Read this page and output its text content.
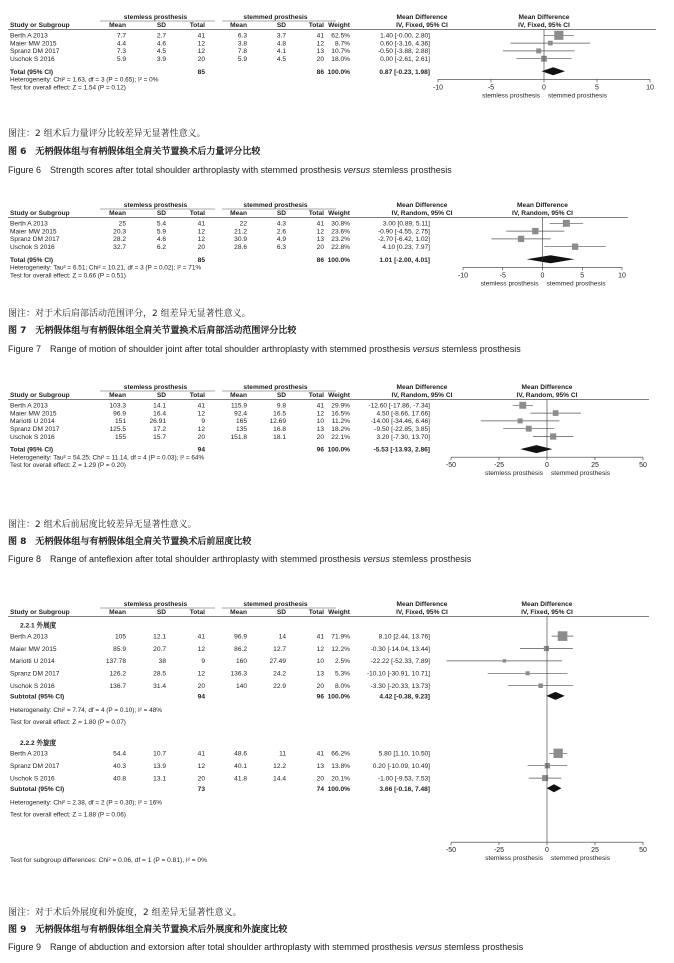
stemless prosthesis	stemmed prosthesis	Mean Difference	Mean Difference
Study or Subgroup	Mean	SD	Total	Mean	SD	Total Weight	IV, Fixed, 95% CI	IV, Fixed, 95% CI
Berth A 2013	7.7	2.7	41	6.3	3.7	41 62.5%	1.40 [-0.00, 2.80]
Maier MW 2015	4.4	4.6	12	3.8	4.8	12 8.7%	0.60 [-3.16, 4.36]
Spranz DM 2017	7.3	4.5	12	7.8	4.1	13 10.7%	-0.50 [-3.88, 2.88]
Uschok S 2016	5.9	3.9	20	5.9	4.5	20 18.0%	0.00 [-2.61, 2.61]
Total (95% CI)	85	86 100.0%	0.87 [-0.23, 1.98]
Heterogeneity: Chi² = 1.63, df = 3 (P = 0.65); I² = 0%
Test for overall effect: Z = 1.54 (P = 0.12)	-10	-5	0	5	10
stemless prosthesis stemmed prosthesis
stemless prosthesis	stemmed prosthesis	Mean Difference	Mean Difference
Study or Subgroup	Mean	SD	Total	Mean	SD	Total Weight	IV, Random, 95% CI	IV, Random, 95% CI
Berth A 2013	25	5.4	41	22	4.3	41 30.8%	3.00 [0.89, 5.11]
Maier MW 2015	20.3	5.9	12	21.2	2.6	12 23.6%	-0.90 [-4.55, 2.75]
Spranz DM 2017	28.2	4.6	12	30.9	4.9	13 23.2%	-2.70 [-6.42, 1.02]
Uschok S 2016	32.7	6.2	20	28.6	6.3	20 22.8%	4.10 [0.23, 7.97]
Total (95% CI)	85	86 100.0%	1.01 [-2.00, 4.01]
Heterogeneity: Tau² = 6.51; Chi² = 10.21, df = 3 (P = 0.02); I² = 71%
Test for overall effect: Z = 0.66 (P = 0.51)	-10	-5	0	5	10
stemless prosthesis stemmed prosthesis
stemless prosthesis	stemmed prosthesis	Mean Difference	Mean Difference
Study or Subgroup	Mean	SD	Total	Mean	SD	Total Weight	IV, Random, 95% CI	IV, Random, 95% CI
Berth A 2013	103.3	14.1	41	115.9	9.8	41 29.9%	-12.60 [-17.86, -7.34]
Maier MW 2015	96.9	16.4	12	92.4	16.5	12 16.5%	4.50 [-8.66, 17.66]
Mariotti U 2014	151	26.91	9	165	12.69	10 11.2%	-14.00 [-34.46, 6.46]
Spranz DM 2017	125.5	17.2	12	135	16.8	13 18.2%	-9.50 [-22.85, 3.85]
Uschok S 2016	155	15.7	20	151.8	18.1	20 22.1%	3.20 [-7.30, 13.70]
Total (95% CI)	94	96 100.0%	-5.53 [-13.93, 2.86]
Heterogeneity: Tau² = 54.25; Chi² = 11.14, df = 4 (P = 0.03); I² = 64%
Test for overall effect: Z = 1.29 (P = 0.20)	-50	-25	0	25	50
stemless prosthesis stemmed prosthesis
stemless prosthesis	stemmed prosthesis	Mean Difference	Mean Difference
Study or Subgroup	Mean	SD	Total	Mean	SD	Total Weight	IV, Fixed, 95% CI	IV, Fixed, 95% CI
2.2.1 外展度
Berth A 2013	105	12.1	41	96.9	14	41 71.9%	8.10 [2.44, 13.76]
Maier MW 2015	85.9	20.7	12	86.2	12.7	12 12.2%	-0.30 [-14.04, 13.44]
Mariotti U 2014	137.78	38	9	160	27.49	10 2.5%	-22.22 [-52.33, 7.89]
Spranz DM 2017	126.2	28.5	12	136.3	24.2	13 5.3%	-10.10 [-30.91, 10.71]
Uschok S 2016	136.7	31.4	20	140	22.9	20 8.0%	-3.30 [-20.33, 13.73]
Subtotal (95% CI)	94	96 100.0%	4.42 [-0.38, 9.23]
Heterogeneity: Chi² = 7.74, df = 4 (P = 0.10); I² = 48%
Test for overall effect: Z = 1.80 (P = 0.07)
2.2.2 外旋度
Berth A 2013	54.4	10.7	41	48.6	11	41 66.2%	5.80 [1.10, 10.50]
Spranz DM 2017	40.3	13.9	12	40.1	12.2	13 13.8%	0.20 [-10.09, 10.49]
Uschok S 2016	40.8	13.1	20	41.8	14.4	20 20.1%	-1.00 [-9.53, 7.53]
Subtotal (95% CI)	73	74 100.0%	3.66 [-0.16, 7.48]
Heterogeneity: Chi² = 2.38, df = 2 (P = 0.30); I² = 16%
Test for overall effect: Z = 1.88 (P = 0.06)
-50	-25	0	25	50
stemless prosthesis stemmed prosthesis
Test for subgroup differences: Chi² = 0.06, df = 1 (P = 0.81), I² = 0%
图注：2 组术后力量评分比较差异无显著性意义。
图 6　无柄假体组与有柄假体组全肩关节置换术后力量评分比较
Figure 6　Strength scores after total shoulder arthroplasty with stemmed prosthesis versus stemless prosthesis
图注：对于术后肩部活动范围评分，2 组差异无显著性意义。
图 7　无柄假体组与有柄假体组全肩关节置换术后肩部活动范围评分比较
Figure 7　Range of motion of shoulder joint after total shoulder arthroplasty with stemmed prosthesis versus stemless prosthesis
图注：2 组术后前屈度比较差异无显著性意义。
图 8　无柄假体组与有柄假体组全肩关节置换术后前屈度比较
Figure 8　Range of anteflexion after total shoulder arthroplasty with stemmed prosthesis versus stemless prosthesis
图注：对于术后外展度和外旋度，2 组差异无显著性意义。
图 9　无柄假体组与有柄假体组全肩关节置换术后外展度和外旋度比较
Figure 9　Range of abduction and extorsion after total shoulder arthroplasty with stemmed prosthesis versus stemless prosthesis
